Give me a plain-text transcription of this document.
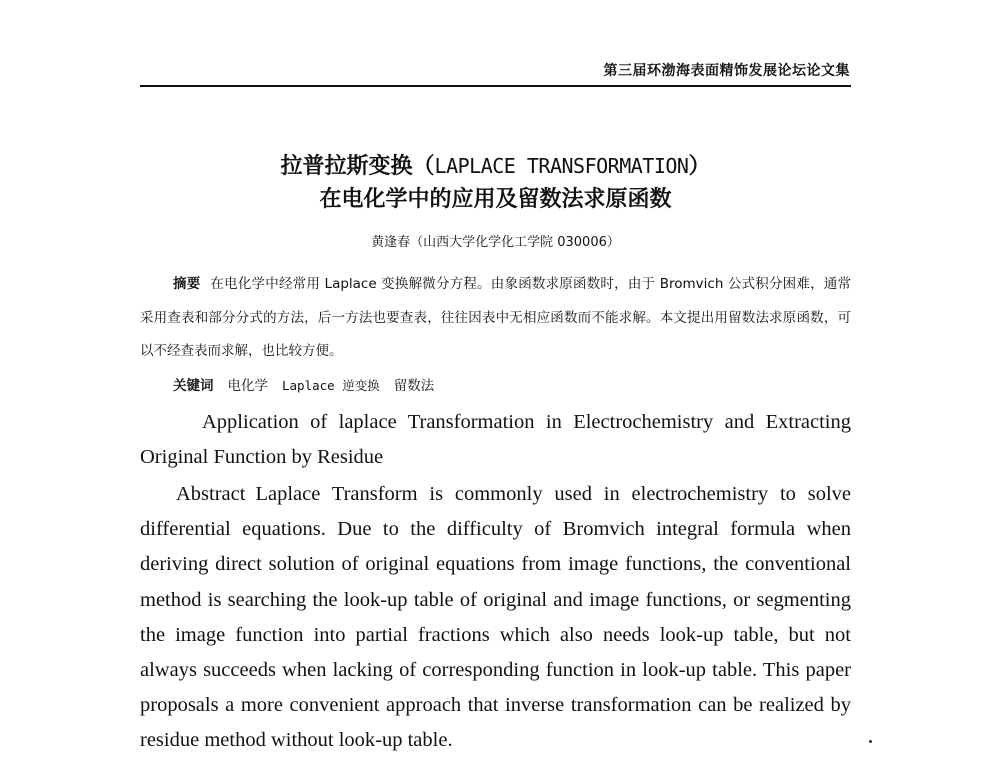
第三届环渤海表面精饰发展论坛论文集
拉普拉斯变换（LAPLACE TRANSFORMATION）
在电化学中的应用及留数法求原函数
黄逢春（山西大学化学化工学院 030006）
摘要 在电化学中经常用 Laplace 变换解微分方程。由象函数求原函数时，由于 Bromvich 公式积分困难，通常采用查表和部分分式的方法，后一方法也要查表，往往因表中无相应函数而不能求解。本文提出用留数法求原函数，可以不经查表而求解，也比较方便。
关键词 电化学 Laplace 逆变换 留数法
Application of laplace Transformation in Electrochemistry and Extracting
Original Function by Residue
Abstract Laplace Transform is commonly used in electrochemistry to solve differential equations. Due to the difficulty of Bromvich integral formula when deriving direct solution of original equations from image functions, the conventional method is searching the look-up table of original and image functions, or segmenting the image function into partial fractions which also needs look-up table, but not always succeeds when lacking of corresponding function in look-up table. This paper proposals a more convenient approach that inverse transformation can be realized by residue method without look-up table.
